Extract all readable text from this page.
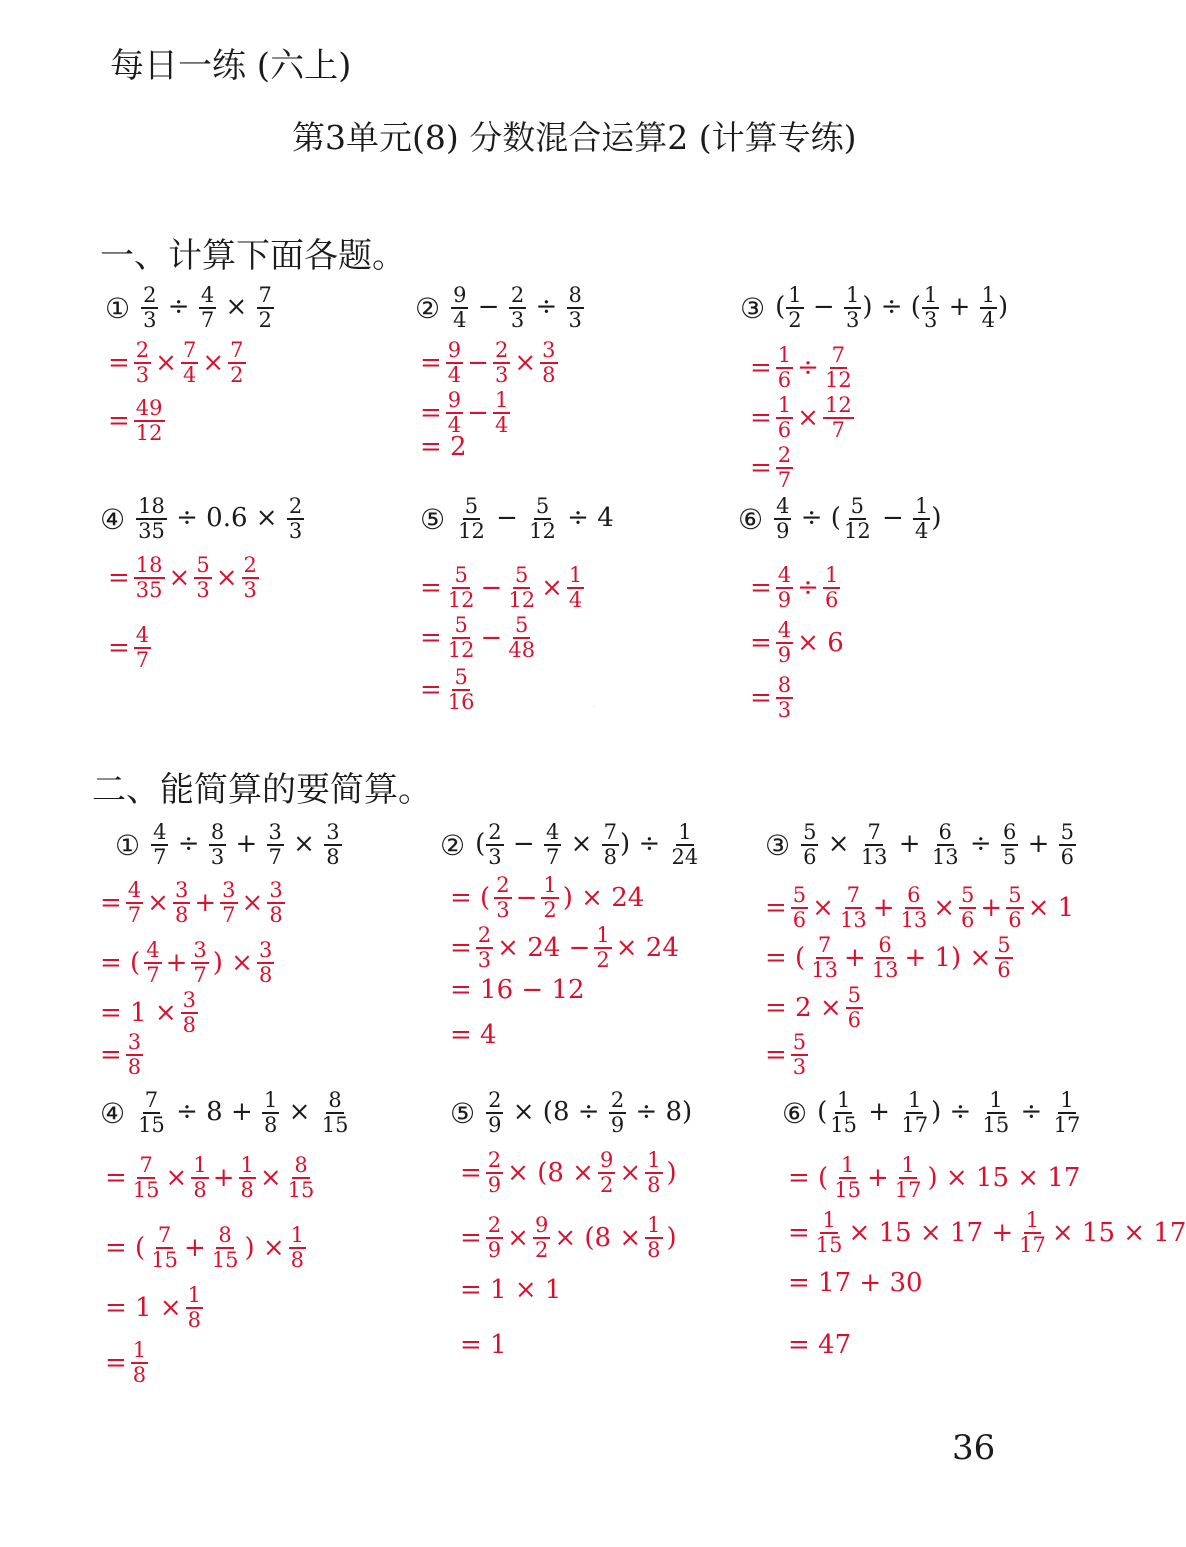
每日一练 (六上)
第3单元(8) 分数混合运算2 (计算专练)
一、计算下面各题。
二、能简算的要简算。
① $\frac{2}{3} \div \frac{4}{7} \times \frac{7}{2}$
= $\frac{2}{3} \times \frac{7}{4} \times \frac{7}{2}$
= $\frac{49}{12}$
② $\frac{9}{4} - \frac{2}{3} \div \frac{8}{3}$
= $\frac{9}{4} - \frac{2}{3} \times \frac{3}{8}$
= $\frac{9}{4} - \frac{1}{4}$
= 2
③ ( $\frac{1}{2} - \frac{1}{3}$ ) ÷ ( $\frac{1}{3} + \frac{1}{4}$ )
= $\frac{1}{6} \div \frac{7}{12}$
= $\frac{1}{6} \times \frac{12}{7}$
= $\frac{2}{7}$
④ $\frac{18}{35} \div 0.6 \times \frac{2}{3}$
= $\frac{18}{35} \times \frac{5}{3} \times \frac{2}{3}$
= $\frac{4}{7}$
⑤ $\frac{5}{12} - \frac{5}{12} \div 4$
= $\frac{5}{12} - \frac{5}{12} \times \frac{1}{4}$
= $\frac{5}{12} - \frac{5}{48}$
= $\frac{5}{16}$
⑥ $\frac{4}{9}$ ÷ ( $\frac{5}{12} - \frac{1}{4}$ )
= $\frac{4}{9} \div \frac{1}{6}$
= $\frac{4}{9} \times 6$
= $\frac{8}{3}$
① $\frac{4}{7} \div \frac{8}{3} + \frac{3}{7} \times \frac{3}{8}$
= $\frac{4}{7} \times \frac{3}{8} + \frac{3}{7} \times \frac{3}{8}$
= ( $\frac{4}{7} + \frac{3}{7}$ ) × $\frac{3}{8}$
= $1 \times \frac{3}{8}$
= $\frac{3}{8}$
② ( $\frac{2}{3} - \frac{4}{7} \times \frac{7}{8}$ ) ÷ $\frac{1}{24}$
= ( $\frac{2}{3} - \frac{1}{2}$ ) × 24
= $\frac{2}{3} \times 24 - \frac{1}{2} \times 24$
= 16 − 12
= 4
③ $\frac{5}{6} \times \frac{7}{13} + \frac{6}{13} \div \frac{6}{5} + \frac{5}{6}$
= $\frac{5}{6} \times \frac{7}{13} + \frac{6}{13} \times \frac{5}{6} + \frac{5}{6} \times 1$
= ( $\frac{7}{13} + \frac{6}{13} + 1) \times \frac{5}{6}$
= $2 \times \frac{5}{6}$
= $\frac{5}{3}$
④ $\frac{7}{15} \div 8 + \frac{1}{8} \times \frac{8}{15}$
= $\frac{7}{15} \times \frac{1}{8} + \frac{1}{8} \times \frac{8}{15}$
= ( $\frac{7}{15} + \frac{8}{15}$ ) × $\frac{1}{8}$
= $1 \times \frac{1}{8}$
= $\frac{1}{8}$
⑤ $\frac{2}{9} \times (8 \div \frac{2}{9} \div 8)$
= $\frac{2}{9} \times (8 \times \frac{9}{2} \times \frac{1}{8}$ )
= $\frac{2}{9} \times \frac{9}{2} \times (8 \times \frac{1}{8}$ )
= 1 × 1
= 1
⑥ ( $\frac{1}{15} + \frac{1}{17}$ ) ÷ $\frac{1}{15} \div \frac{1}{17}$
= ( $\frac{1}{15} + \frac{1}{17}$ ) × 15 × 17
= $\frac{1}{15} \times 15 \times 17 + \frac{1}{17} \times 15 \times 17$
= 17 + 30
= 47
六上
36
